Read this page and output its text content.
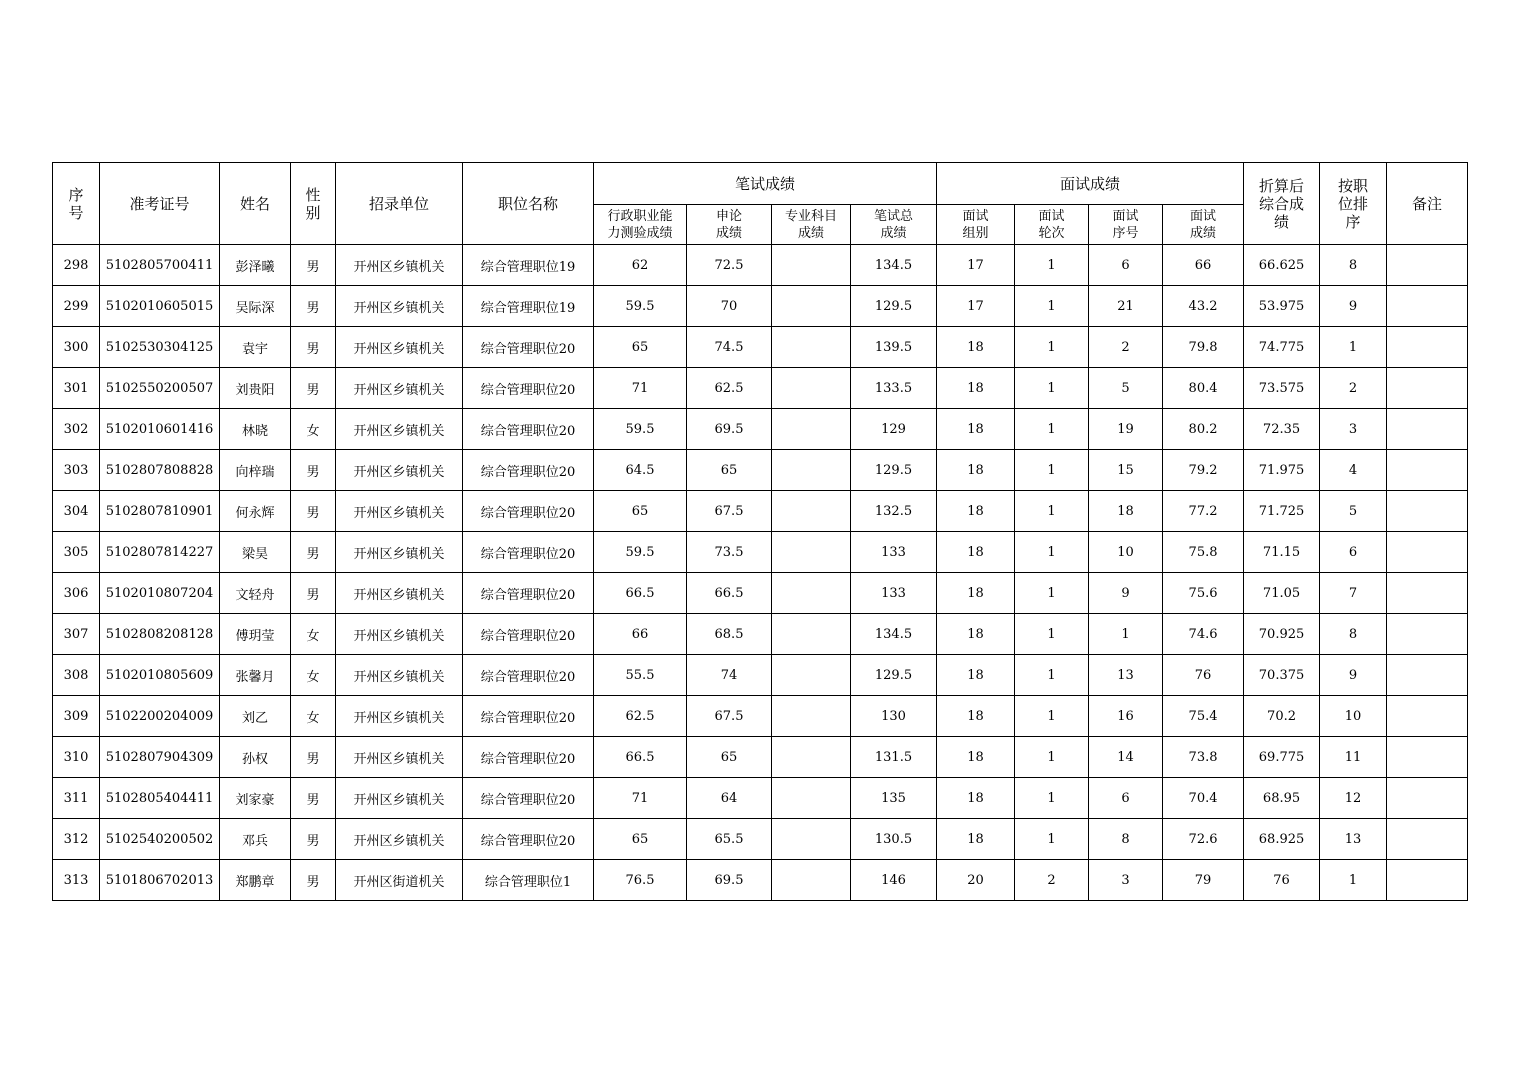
序号	准考证号	姓名	性别	招录单位	职位名称	笔试成绩				面试成绩				折算后综合成绩	按职位排序	备注
						行政职业能力测验成绩	申论成绩	专业科目成绩	笔试总成绩	面试组别	面试轮次	面试序号	面试成绩			
298	5102805700411	彭泽曦	男	开州区乡镇机关	综合管理职位19	62	72.5		134.5	17	1	6	66	66.625	8	
299	5102010605015	吴际深	男	开州区乡镇机关	综合管理职位19	59.5	70		129.5	17	1	21	43.2	53.975	9	
300	5102530304125	袁宇	男	开州区乡镇机关	综合管理职位20	65	74.5		139.5	18	1	2	79.8	74.775	1	
301	5102550200507	刘贵阳	男	开州区乡镇机关	综合管理职位20	71	62.5		133.5	18	1	5	80.4	73.575	2	
302	5102010601416	林晓	女	开州区乡镇机关	综合管理职位20	59.5	69.5		129	18	1	19	80.2	72.35	3	
303	5102807808828	向梓瑞	男	开州区乡镇机关	综合管理职位20	64.5	65		129.5	18	1	15	79.2	71.975	4	
304	5102807810901	何永辉	男	开州区乡镇机关	综合管理职位20	65	67.5		132.5	18	1	18	77.2	71.725	5	
305	5102807814227	梁昊	男	开州区乡镇机关	综合管理职位20	59.5	73.5		133	18	1	10	75.8	71.15	6	
306	5102010807204	文轻舟	男	开州区乡镇机关	综合管理职位20	66.5	66.5		133	18	1	9	75.6	71.05	7	
307	5102808208128	傅玥莹	女	开州区乡镇机关	综合管理职位20	66	68.5		134.5	18	1	1	74.6	70.925	8	
308	5102010805609	张馨月	女	开州区乡镇机关	综合管理职位20	55.5	74		129.5	18	1	13	76	70.375	9	
309	5102200204009	刘乙	女	开州区乡镇机关	综合管理职位20	62.5	67.5		130	18	1	16	75.4	70.2	10	
310	5102807904309	孙权	男	开州区乡镇机关	综合管理职位20	66.5	65		131.5	18	1	14	73.8	69.775	11	
311	5102805404411	刘家豪	男	开州区乡镇机关	综合管理职位20	71	64		135	18	1	6	70.4	68.95	12	
312	5102540200502	邓兵	男	开州区乡镇机关	综合管理职位20	65	65.5		130.5	18	1	8	72.6	68.925	13	
313	5101806702013	郑鹏章	男	开州区街道机关	综合管理职位1	76.5	69.5		146	20	2	3	79	76	1	
